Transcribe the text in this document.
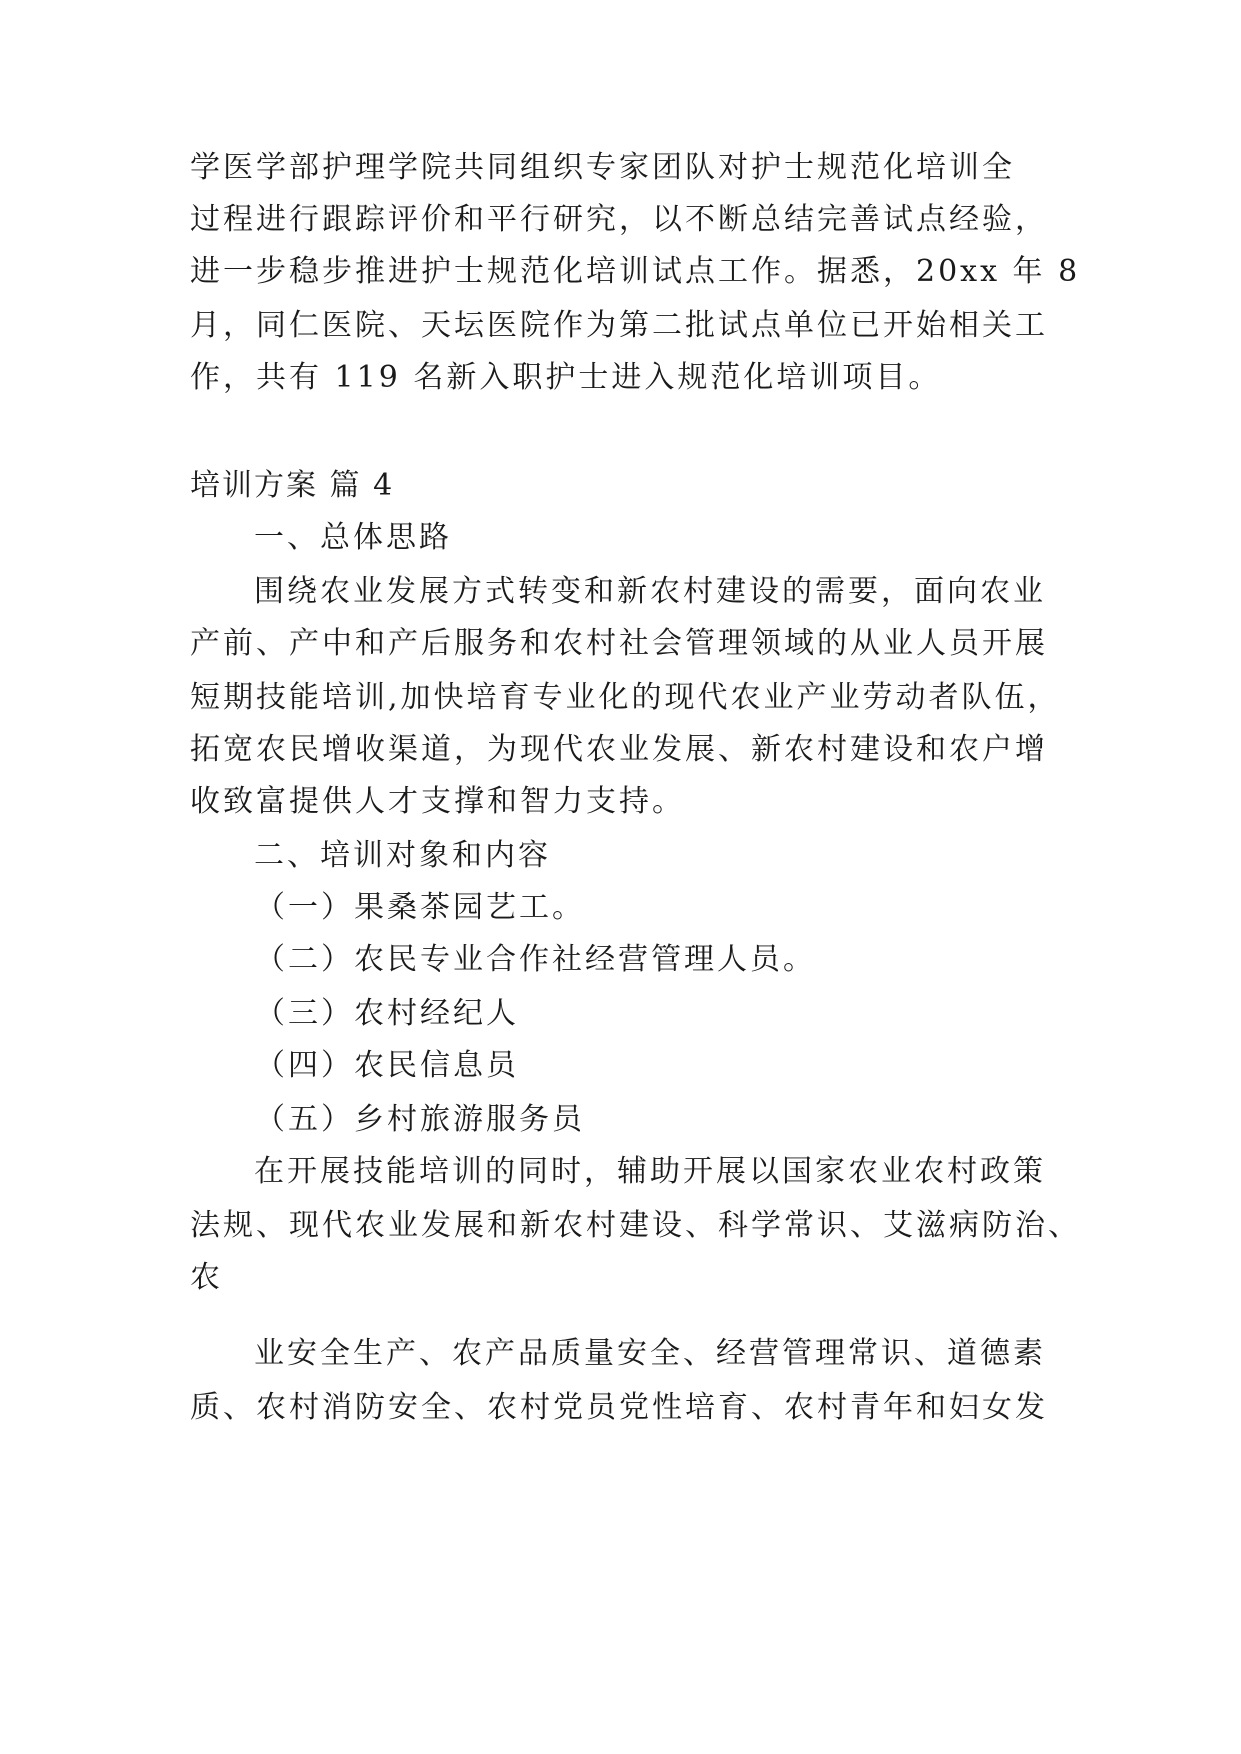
学医学部护理学院共同组织专家团队对护士规范化培训全
过程进行跟踪评价和平行研究，以不断总结完善试点经验，
进一步稳步推进护士规范化培训试点工作。据悉，20xx 年 8
月，同仁医院、天坛医院作为第二批试点单位已开始相关工
作，共有 119 名新入职护士进入规范化培训项目。
培训方案 篇 4
一、总体思路
围绕农业发展方式转变和新农村建设的需要，面向农业
产前、产中和产后服务和农村社会管理领域的从业人员开展
短期技能培训,加快培育专业化的现代农业产业劳动者队伍，
拓宽农民增收渠道，为现代农业发展、新农村建设和农户增
收致富提供人才支撑和智力支持。
二、培训对象和内容
（一）果桑茶园艺工。
（二）农民专业合作社经营管理人员。
（三）农村经纪人
（四）农民信息员
（五）乡村旅游服务员
在开展技能培训的同时，辅助开展以国家农业农村政策
法规、现代农业发展和新农村建设、科学常识、艾滋病防治、
农
业安全生产、农产品质量安全、经营管理常识、道德素
质、农村消防安全、农村党员党性培育、农村青年和妇女发
